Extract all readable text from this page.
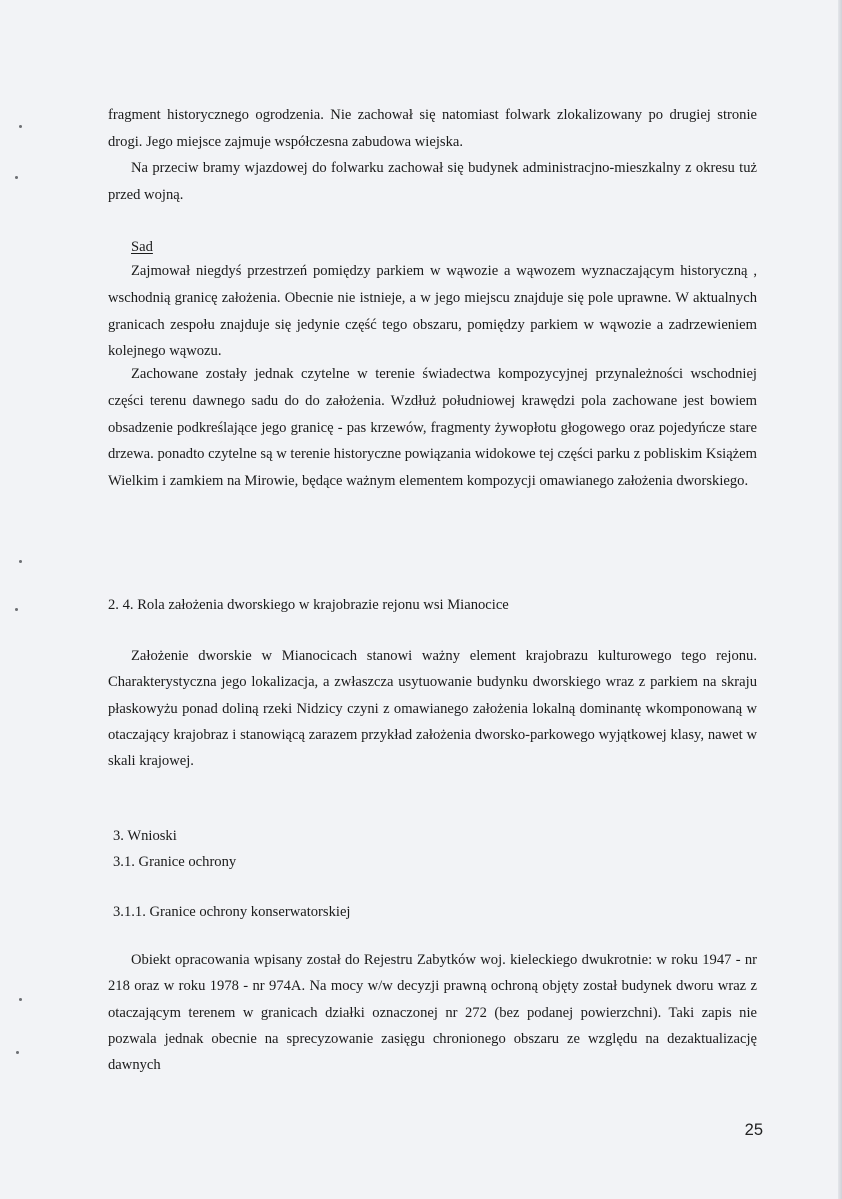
fragment historycznego ogrodzenia. Nie zachował się natomiast folwark zlokalizowany po drugiej stronie drogi. Jego miejsce zajmuje współczesna zabudowa wiejska.

Na przeciw bramy wjazdowej do folwarku zachował się budynek administracjno-mieszkalny z okresu tuż przed wojną.

Sad

Zajmował niegdyś przestrzeń pomiędzy parkiem w wąwozie a wąwozem wyznaczającym historyczną , wschodnią granicę założenia. Obecnie nie istnieje, a w jego miejscu znajduje się pole uprawne. W aktualnych granicach zespołu znajduje się jedynie część tego obszaru, pomiędzy parkiem w wąwozie a zadrzewieniem kolejnego wąwozu.

Zachowane zostały jednak czytelne w terenie świadectwa kompozycyjnej przynależności wschodniej części terenu dawnego sadu do do założenia. Wzdłuż południowej krawędzi pola zachowane jest bowiem obsadzenie podkreślające jego granicę - pas krzewów, fragmenty żywopłotu głogowego oraz pojedyńcze stare drzewa. ponadto czytelne są w terenie historyczne powiązania widokowe tej części parku z pobliskim Książem Wielkim i zamkiem na Mirowie, będące ważnym elementem kompozycji omawianego założenia dworskiego.

2. 4. Rola założenia dworskiego w krajobrazie rejonu wsi Mianocice

Założenie dworskie w Mianocicach stanowi ważny element krajobrazu kulturowego tego rejonu. Charakterystyczna jego lokalizacja, a zwłaszcza usytuowanie budynku dworskiego wraz z parkiem na skraju płaskowyżu ponad doliną rzeki Nidzicy czyni z omawianego założenia lokalną dominantę wkomponowaną w otaczający krajobraz i stanowiącą zarazem przykład założenia dworsko-parkowego wyjątkowej klasy, nawet w skali krajowej.

3. Wnioski
3.1. Granice ochrony
3.1.1. Granice ochrony konserwatorskiej

Obiekt opracowania wpisany został do Rejestru Zabytków woj. kieleckiego dwukrotnie: w roku 1947 - nr 218 oraz w roku 1978 - nr 974A. Na mocy w/w decyzji prawną ochroną objęty został budynek dworu wraz z otaczającym terenem w granicach działki oznaczonej nr 272 (bez podanej powierzchni). Taki zapis nie pozwala jednak obecnie na sprecyzowanie zasięgu chronionego obszaru ze względu na dezaktualizację dawnych

25
